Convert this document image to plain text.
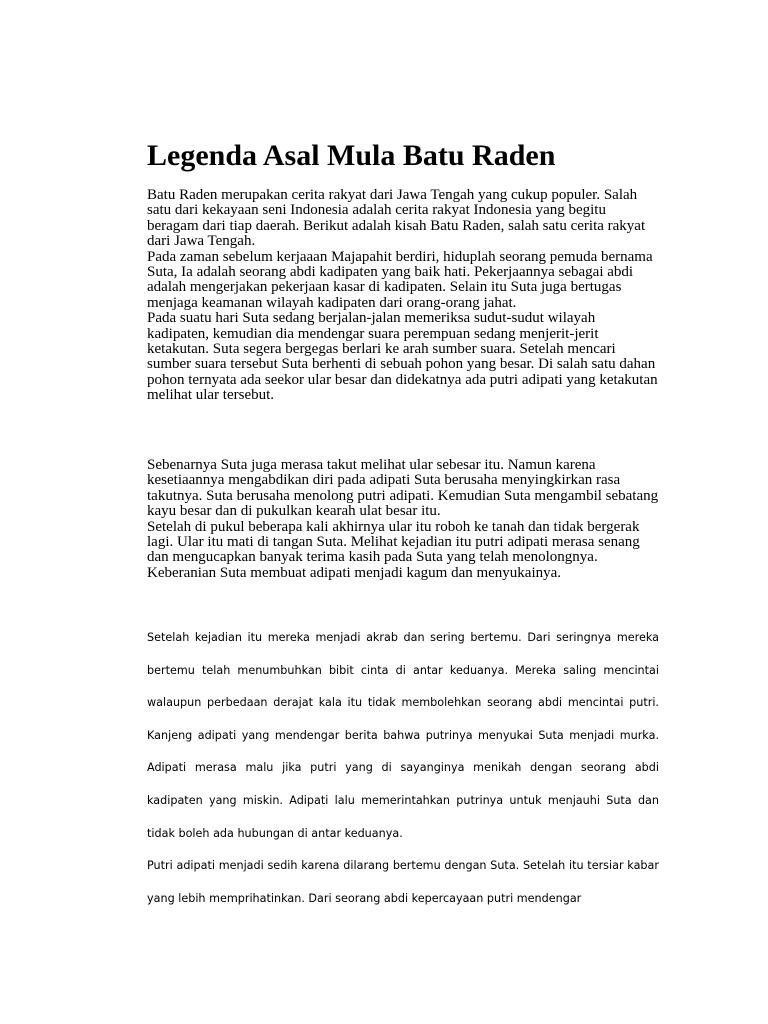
Legenda Asal Mula Batu Raden

Batu Raden merupakan cerita rakyat dari Jawa Tengah yang cukup populer. Salah satu dari kekayaan seni Indonesia adalah cerita rakyat Indonesia yang begitu beragam dari tiap daerah. Berikut adalah kisah Batu Raden, salah satu cerita rakyat dari Jawa Tengah.

Pada zaman sebelum kerjaaan Majapahit berdiri, hiduplah seorang pemuda bernama Suta, Ia adalah seorang abdi kadipaten yang baik hati. Pekerjaannya sebagai abdi adalah mengerjakan pekerjaan kasar di kadipaten. Selain itu Suta juga bertugas menjaga keamanan wilayah kadipaten dari orang-orang jahat.

Pada suatu hari Suta sedang berjalan-jalan memeriksa sudut-sudut wilayah kadipaten, kemudian dia mendengar suara perempuan sedang menjerit-jerit ketakutan. Suta segera bergegas berlari ke arah sumber suara. Setelah mencari sumber suara tersebut Suta berhenti di sebuah pohon yang besar. Di salah satu dahan pohon ternyata ada seekor ular besar dan didekatnya ada putri adipati yang ketakutan melihat ular tersebut.

Sebenarnya Suta juga merasa takut melihat ular sebesar itu. Namun karena kesetiaannya mengabdikan diri pada adipati Suta berusaha menyingkirkan rasa takutnya. Suta berusaha menolong putri adipati. Kemudian Suta mengambil sebatang kayu besar dan di pukulkan kearah ulat besar itu.

Setelah di pukul beberapa kali akhirnya ular itu roboh ke tanah dan tidak bergerak lagi. Ular itu mati di tangan Suta. Melihat kejadian itu putri adipati merasa senang dan mengucapkan banyak terima kasih pada Suta yang telah menolongnya. Keberanian Suta membuat adipati menjadi kagum dan menyukainya.

Setelah kejadian itu mereka menjadi akrab dan sering bertemu. Dari seringnya mereka bertemu telah menumbuhkan bibit cinta di antar keduanya. Mereka saling mencintai walaupun perbedaan derajat kala itu tidak membolehkan seorang abdi mencintai putri. Kanjeng adipati yang mendengar berita bahwa putrinya menyukai Suta menjadi murka. Adipati merasa malu jika putri yang di sayanginya menikah dengan seorang abdi kadipaten yang miskin. Adipati lalu memerintahkan putrinya untuk menjauhi Suta dan tidak boleh ada hubungan di antar keduanya.

Putri adipati menjadi sedih karena dilarang bertemu dengan Suta. Setelah itu tersiar kabar yang lebih memprihatinkan. Dari seorang abdi kepercayaan putri mendengar
